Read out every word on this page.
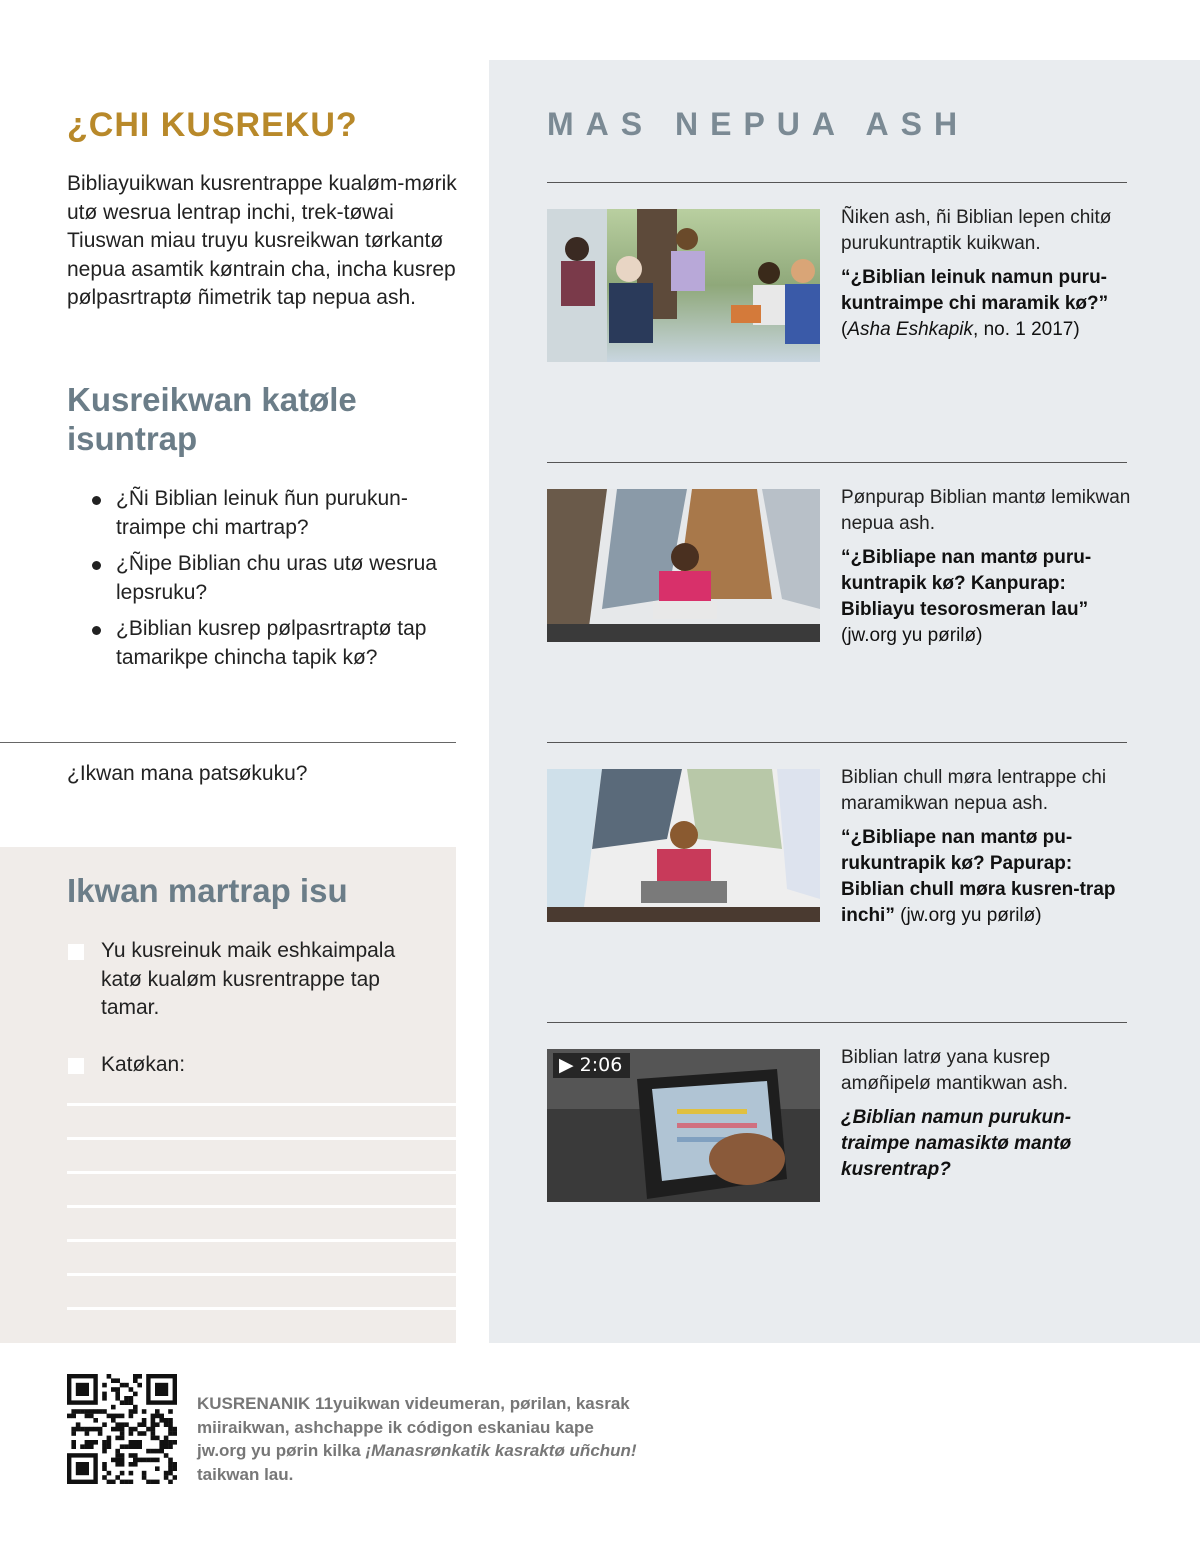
¿CHI KUSREKU?
Bibliayuikwan kusrentrappe kualøm-mørik utø wesrua lentrap inchi, trek-tøwai Tiuswan miau truyu kusreikwan tørkantø nepua asamtik køntrain cha, incha kusrep pølpasrtraptø ñimetrik tap nepua ash.
Kusreikwan katøle isuntrap
¿Ñi Biblian leinuk ñun purukun-traimpe chi martrap?
¿Ñipe Biblian chu uras utø wesrua lepsruku?
¿Biblian kusrep pølpasrtraptø tap tamarikpe chincha tapik kø?
¿Ikwan mana patsøkuku?
Ikwan martrap isu
Yu kusreinuk maik eshkaimpala katø kualøm kusrentrappe tap tamar.
Katøkan:
MAS NEPUA ASH
Ñiken ash, ñi Biblian lepen chitø purukuntraptik kuikwan.
“¿Biblian leinuk namun puru-kuntraimpe chi maramik kø?” (Asha Eshkapik, no. 1 2017)
Pønpurap Biblian mantø lemikwan nepua ash.
“¿Bibliape nan mantø puru-kuntrapik kø? Kanpurap: Bibliayu tesorosmeran lau” (jw.org yu pørilø)
Biblian chull møra lentrappe chi maramikwan nepua ash.
“¿Bibliape nan mantø pu-rukuntrapik kø? Papurap: Biblian chull møra kusren-trap inchi” (jw.org yu pørilø)
▶ 2:06	Biblian latrø yana kusrep amøñipelø mantikwan ash.
¿Biblian namun purukun-traimpe namasiktø mantø kusrentrap?
KUSRENANIK 11yuikwan videumeran, pørilan, kasrak miiraikwan, ashchappe ik códigon eskaniau kape jw.org yu pørin kilka ¡Manasrønkatik kasraktø uñchun! taikwan lau.
